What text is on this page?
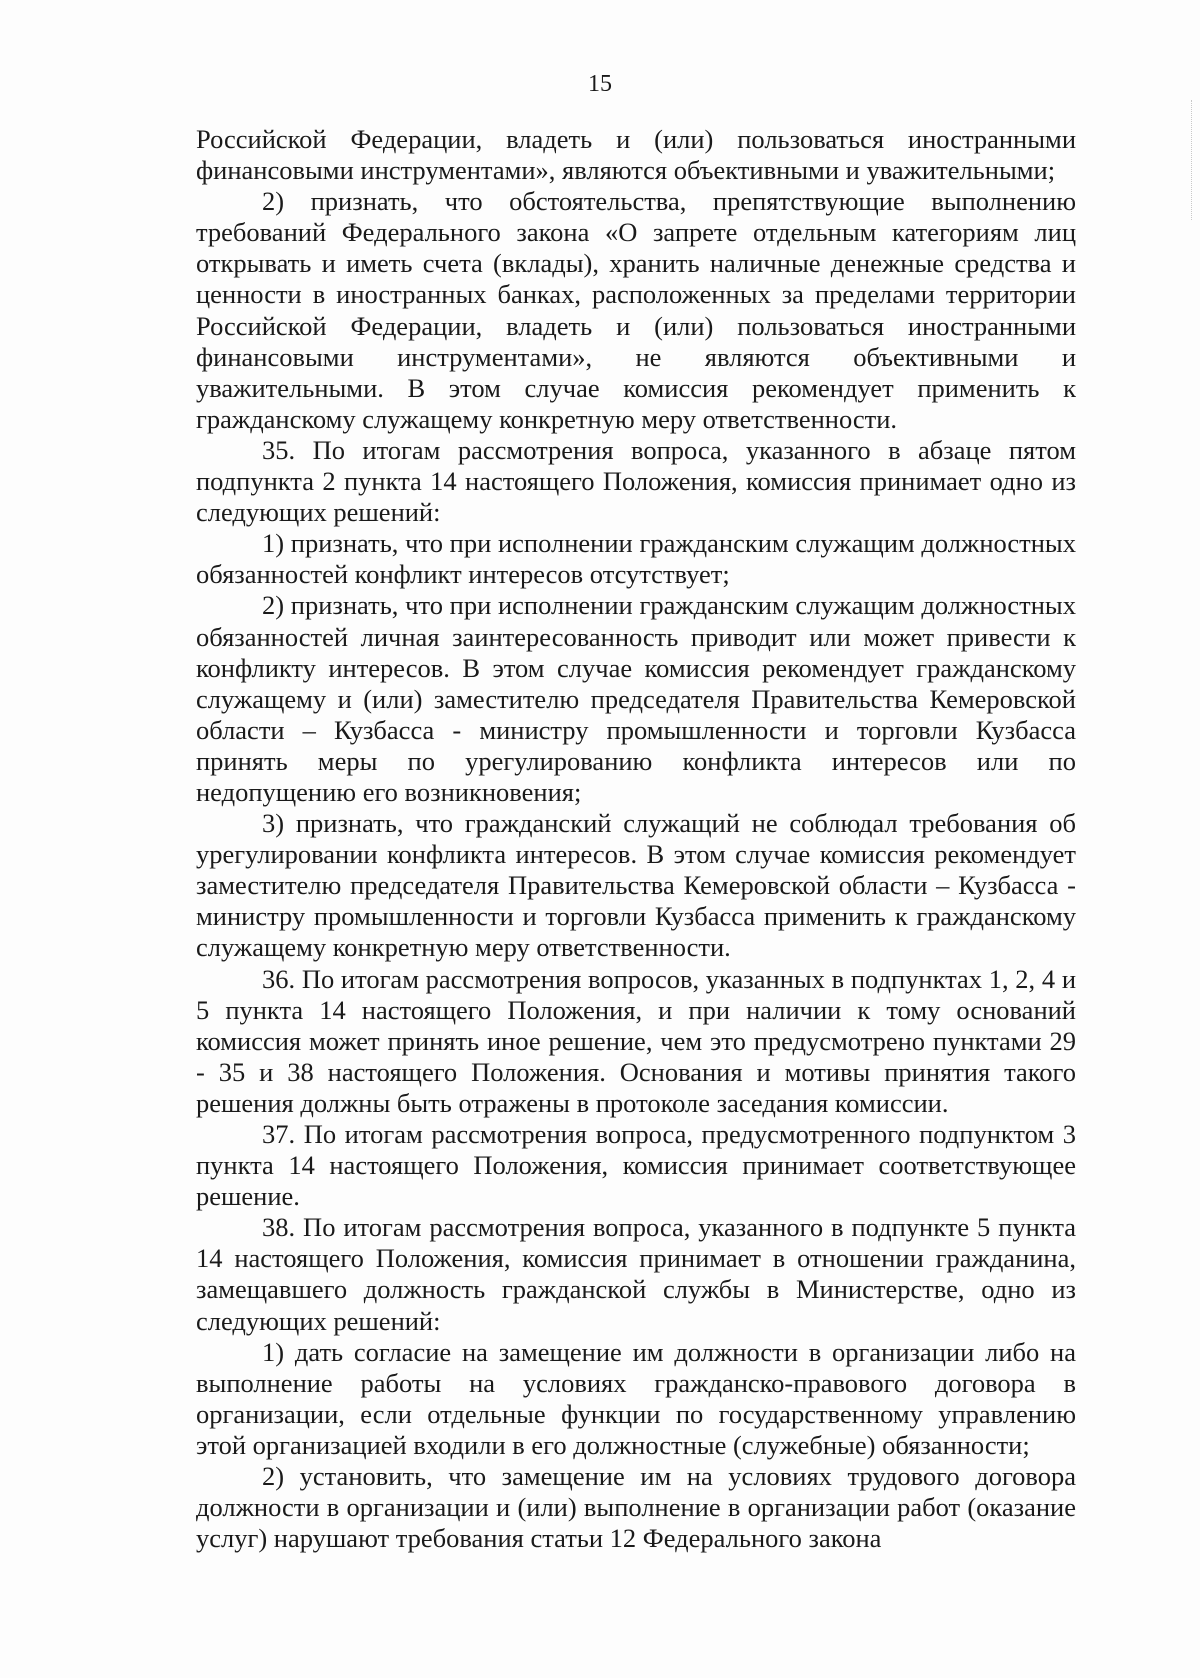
15

Российской Федерации, владеть и (или) пользоваться иностранными финансовыми инструментами», являются объективными и уважительными;

2) признать, что обстоятельства, препятствующие выполнению требований Федерального закона «О запрете отдельным категориям лиц открывать и иметь счета (вклады), хранить наличные денежные средства и ценности в иностранных банках, расположенных за пределами территории Российской Федерации, владеть и (или) пользоваться иностранными финансовыми инструментами», не являются объективными и уважительными. В этом случае комиссия рекомендует применить к гражданскому служащему конкретную меру ответственности.

35. По итогам рассмотрения вопроса, указанного в абзаце пятом подпункта 2 пункта 14 настоящего Положения, комиссия принимает одно из следующих решений:

1) признать, что при исполнении гражданским служащим должностных обязанностей конфликт интересов отсутствует;

2) признать, что при исполнении гражданским служащим должностных обязанностей личная заинтересованность приводит или может привести к конфликту интересов. В этом случае комиссия рекомендует гражданскому служащему и (или) заместителю председателя Правительства Кемеровской области – Кузбасса - министру промышленности и торговли Кузбасса принять меры по урегулированию конфликта интересов или по недопущению его возникновения;

3) признать, что гражданский служащий не соблюдал требования об урегулировании конфликта интересов. В этом случае комиссия рекомендует заместителю председателя Правительства Кемеровской области – Кузбасса - министру промышленности и торговли Кузбасса применить к гражданскому служащему конкретную меру ответственности.

36. По итогам рассмотрения вопросов, указанных в подпунктах 1, 2, 4 и 5 пункта 14 настоящего Положения, и при наличии к тому оснований комиссия может принять иное решение, чем это предусмотрено пунктами 29 - 35 и 38 настоящего Положения. Основания и мотивы принятия такого решения должны быть отражены в протоколе заседания комиссии.

37. По итогам рассмотрения вопроса, предусмотренного подпунктом 3 пункта 14 настоящего Положения, комиссия принимает соответствующее решение.

38. По итогам рассмотрения вопроса, указанного в подпункте 5 пункта 14 настоящего Положения, комиссия принимает в отношении гражданина, замещавшего должность гражданской службы в Министерстве, одно из следующих решений:

1) дать согласие на замещение им должности в организации либо на выполнение работы на условиях гражданско-правового договора в организации, если отдельные функции по государственному управлению этой организацией входили в его должностные (служебные) обязанности;

2) установить, что замещение им на условиях трудового договора должности в организации и (или) выполнение в организации работ (оказание услуг) нарушают требования статьи 12 Федерального закона
